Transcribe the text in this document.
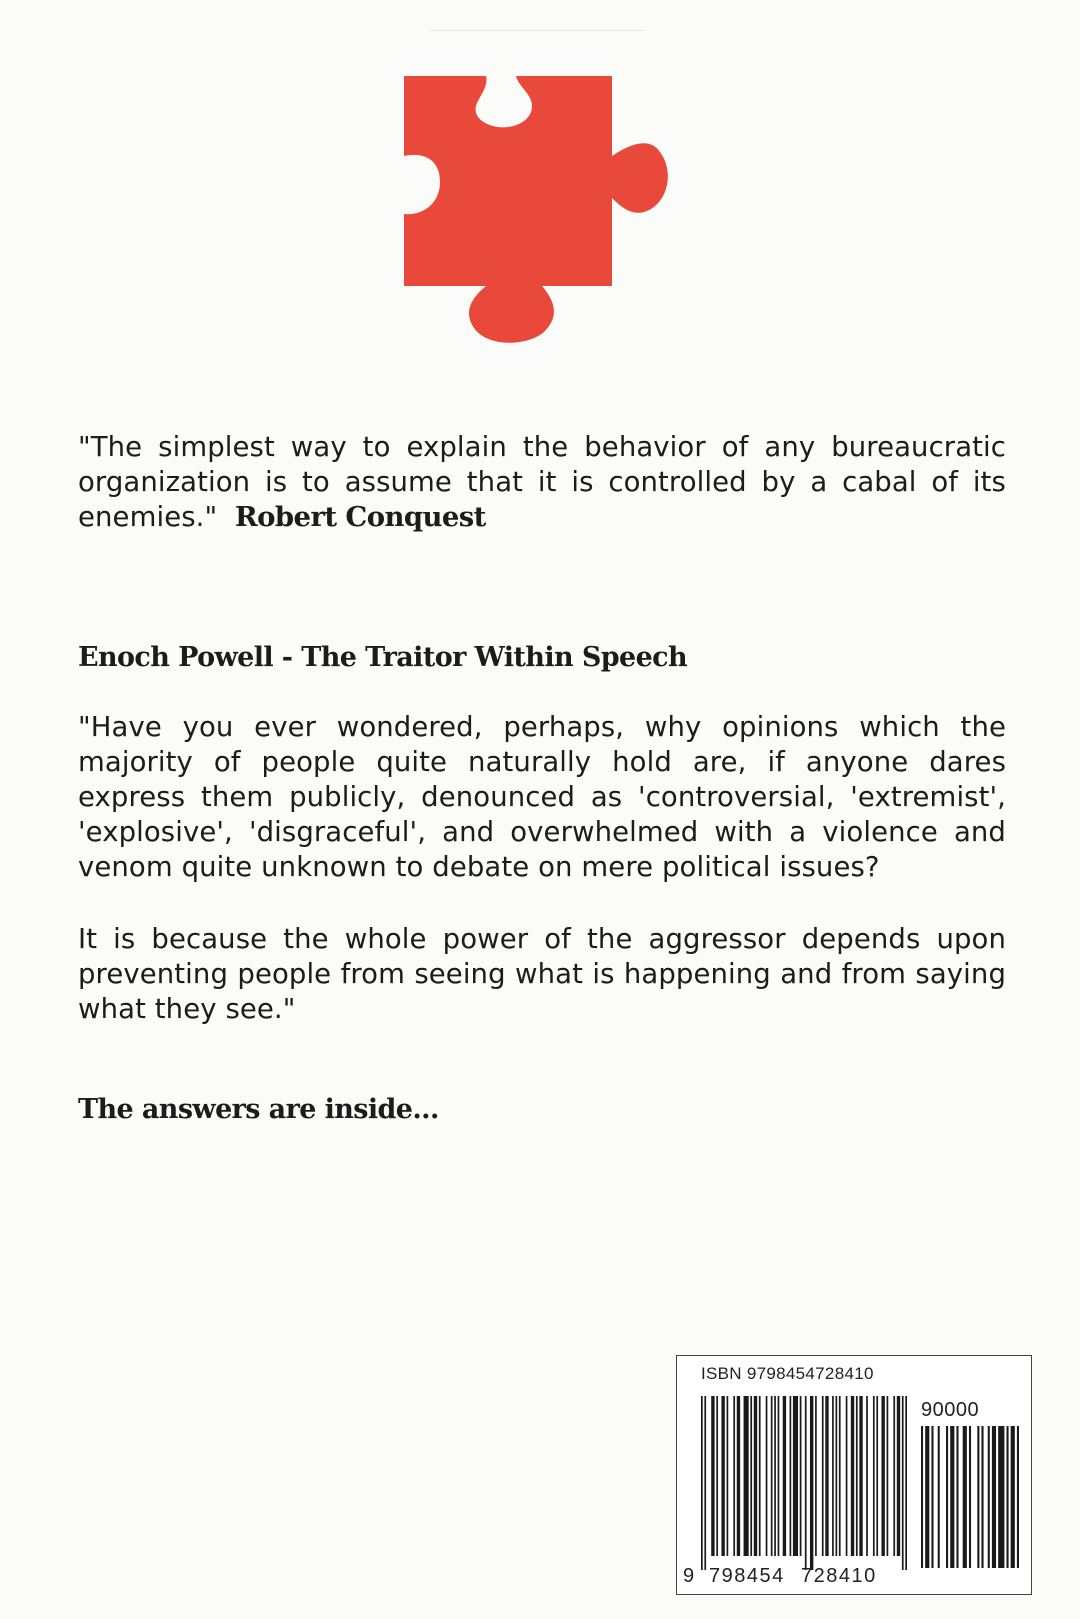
"The simplest way to explain the behavior of any bureaucratic organization is to assume that it is controlled by a cabal of its enemies." Robert Conquest

Enoch Powell - The Traitor Within Speech

"Have you ever wondered, perhaps, why opinions which the majority of people quite naturally hold are, if anyone dares express them publicly, denounced as 'controversial, 'extremist', 'explosive', 'disgraceful', and overwhelmed with a violence and venom quite unknown to debate on mere political issues?

It is because the whole power of the aggressor depends upon preventing people from seeing what is happening and from saying what they see."

The answers are inside...

ISBN 9798454728410
90000
9 798454 728410
